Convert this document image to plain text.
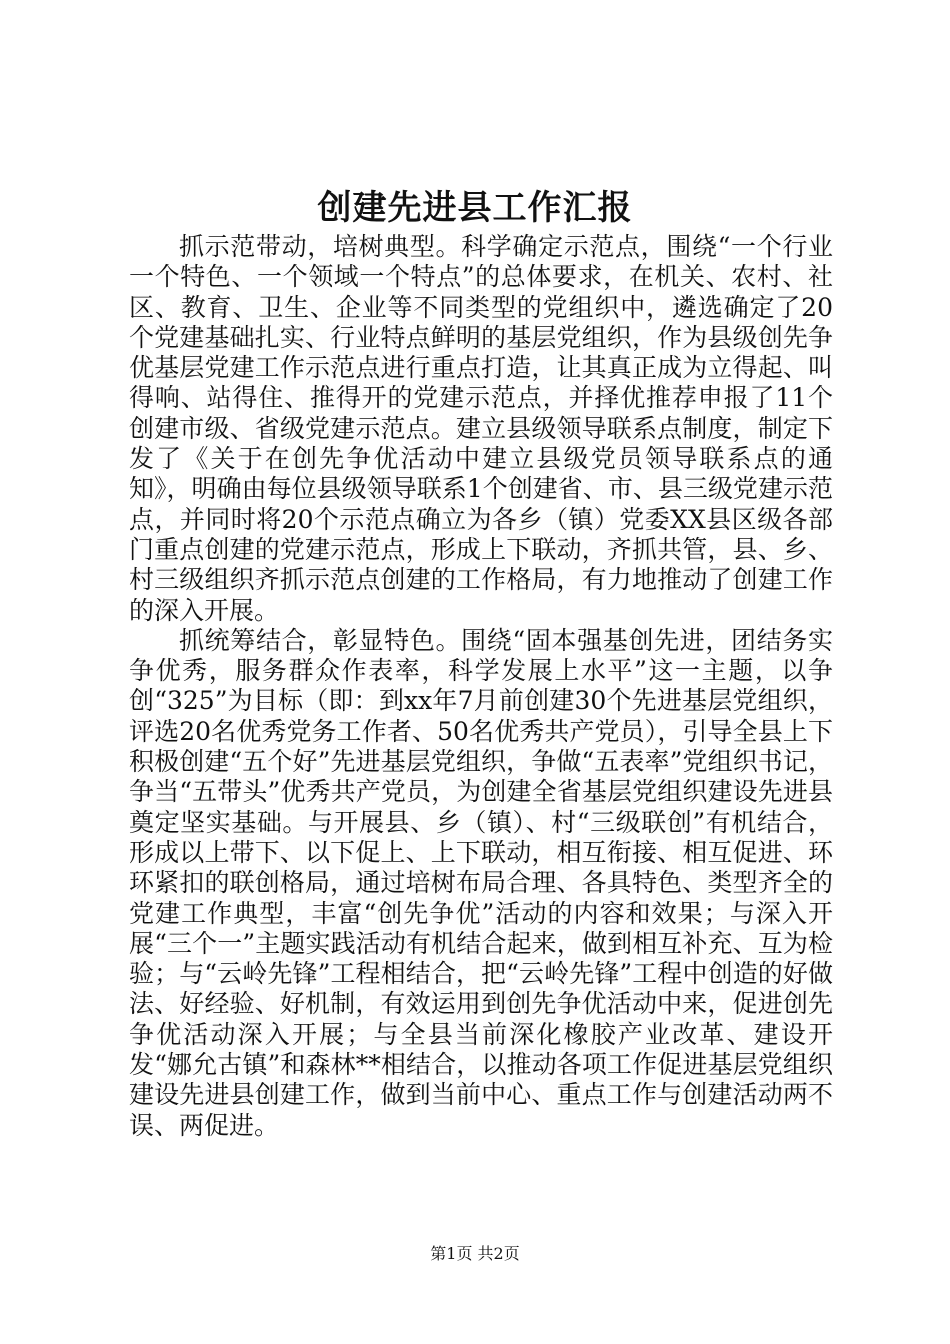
创建先进县工作汇报

抓示范带动，培树典型。科学确定示范点，围绕“一个行业一个特色、一个领域一个特点”的总体要求，在机关、农村、社区、教育、卫生、企业等不同类型的党组织中，遴选确定了20个党建基础扎实、行业特点鲜明的基层党组织，作为县级创先争优基层党建工作示范点进行重点打造，让其真正成为立得起、叫得响、站得住、推得开的党建示范点，并择优推荐申报了11个创建市级、省级党建示范点。建立县级领导联系点制度，制定下发了《关于在创先争优活动中建立县级党员领导联系点的通知》，明确由每位县级领导联系1个创建省、市、县三级党建示范点，并同时将20个示范点确立为各乡（镇）党委XX县区级各部门重点创建的党建示范点，形成上下联动，齐抓共管，县、乡、村三级组织齐抓示范点创建的工作格局，有力地推动了创建工作的深入开展。

抓统筹结合，彰显特色。围绕“固本强基创先进，团结务实争优秀，服务群众作表率，科学发展上水平”这一主题，以争创“325”为目标（即：到xx年7月前创建30个先进基层党组织，评选20名优秀党务工作者、50名优秀共产党员），引导全县上下积极创建“五个好”先进基层党组织，争做“五表率”党组织书记，争当“五带头”优秀共产党员，为创建全省基层党组织建设先进县奠定坚实基础。与开展县、乡（镇）、村“三级联创”有机结合，形成以上带下、以下促上、上下联动，相互衔接、相互促进、环环紧扣的联创格局，通过培树布局合理、各具特色、类型齐全的党建工作典型，丰富“创先争优”活动的内容和效果；与深入开展“三个一”主题实践活动有机结合起来，做到相互补充、互为检验；与“云岭先锋”工程相结合，把“云岭先锋”工程中创造的好做法、好经验、好机制，有效运用到创先争优活动中来，促进创先争优活动深入开展；与全县当前深化橡胶产业改革、建设开发“娜允古镇”和森林**相结合，以推动各项工作促进基层党组织建设先进县创建工作，做到当前中心、重点工作与创建活动两不误、两促进。

第1页 共2页
